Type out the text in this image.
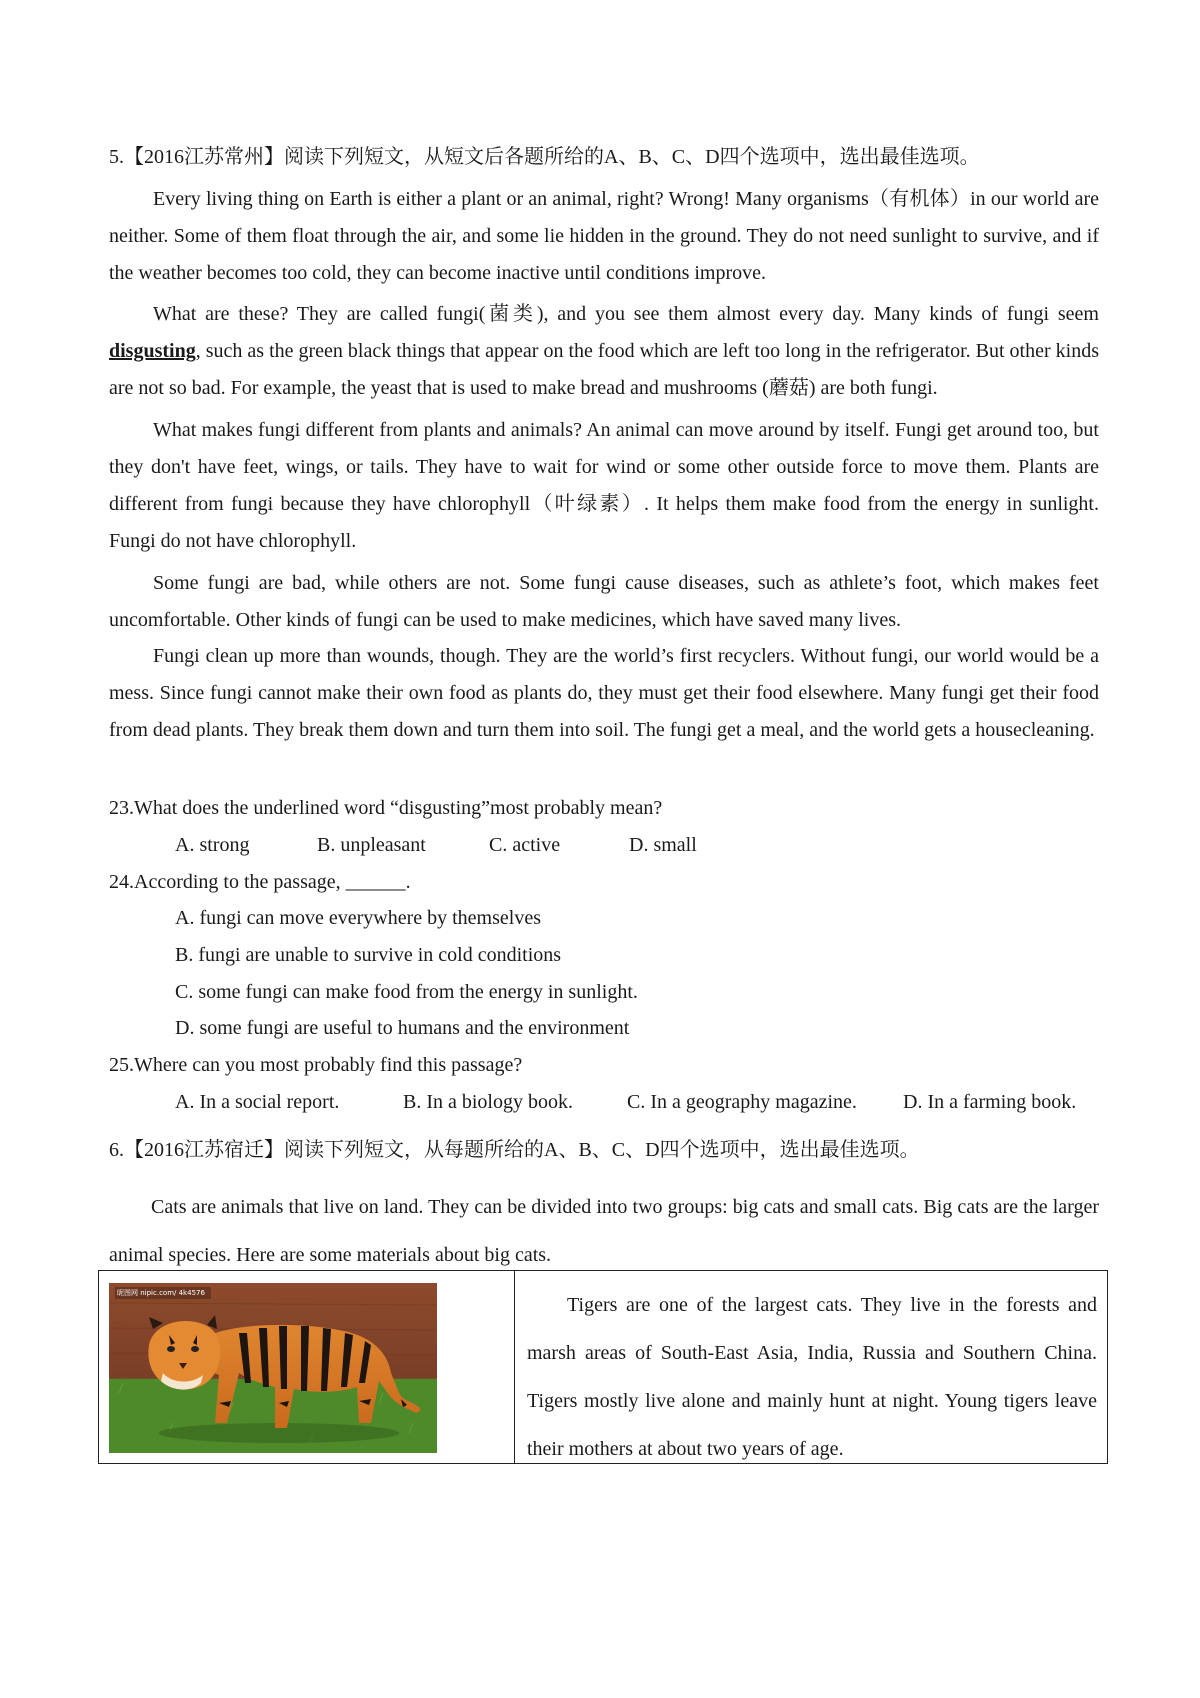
5.【2016江苏常州】阅读下列短文，从短文后各题所给的A、B、C、D四个选项中，选出最佳选项。
Every living thing on Earth is either a plant or an animal, right? Wrong! Many organisms（有机体）in our world are neither. Some of them float through the air, and some lie hidden in the ground. They do not need sunlight to survive, and if the weather becomes too cold, they can become inactive until conditions improve.
What are these? They are called fungi(菌类), and you see them almost every day. Many kinds of fungi seem disgusting, such as the green black things that appear on the food which are left too long in the refrigerator. But other kinds are not so bad. For example, the yeast that is used to make bread and mushrooms (蘑菇) are both fungi.
What makes fungi different from plants and animals? An animal can move around by itself. Fungi get around too, but they don't have feet, wings, or tails. They have to wait for wind or some other outside force to move them. Plants are different from fungi because they have chlorophyll（叶绿素）. It helps them make food from the energy in sunlight. Fungi do not have chlorophyll.
Some fungi are bad, while others are not. Some fungi cause diseases, such as athlete’s foot, which makes feet uncomfortable. Other kinds of fungi can be used to make medicines, which have saved many lives.
Fungi clean up more than wounds, though. They are the world’s first recyclers. Without fungi, our world would be a mess. Since fungi cannot make their own food as plants do, they must get their food elsewhere. Many fungi get their food from dead plants. They break them down and turn them into soil. The fungi get a meal, and the world gets a housecleaning.
23.What does the underlined word “disgusting”most probably mean?
A. strong	B. unpleasant	C. active	D. small
24.According to the passage, ______.
A. fungi can move everywhere by themselves
B. fungi are unable to survive in cold conditions
C. some fungi can make food from the energy in sunlight.
D. some fungi are useful to humans and the environment
25.Where can you most probably find this passage?
A. In a social report.	B. In a biology book.	C. In a geography magazine. D. In a farming book.
6.【2016江苏宿迁】阅读下列短文，从每题所给的A、B、C、D四个选项中，选出最佳选项。
Cats are animals that live on land. They can be divided into two groups: big cats and small cats. Big cats are the larger animal species. Here are some materials about big cats.
昵图网 nipic.com/ 4k4576
Tigers are one of the largest cats. They live in the forests and marsh areas of South-East Asia, India, Russia and Southern China. Tigers mostly live alone and mainly hunt at night. Young tigers leave their mothers at about two years of age.
